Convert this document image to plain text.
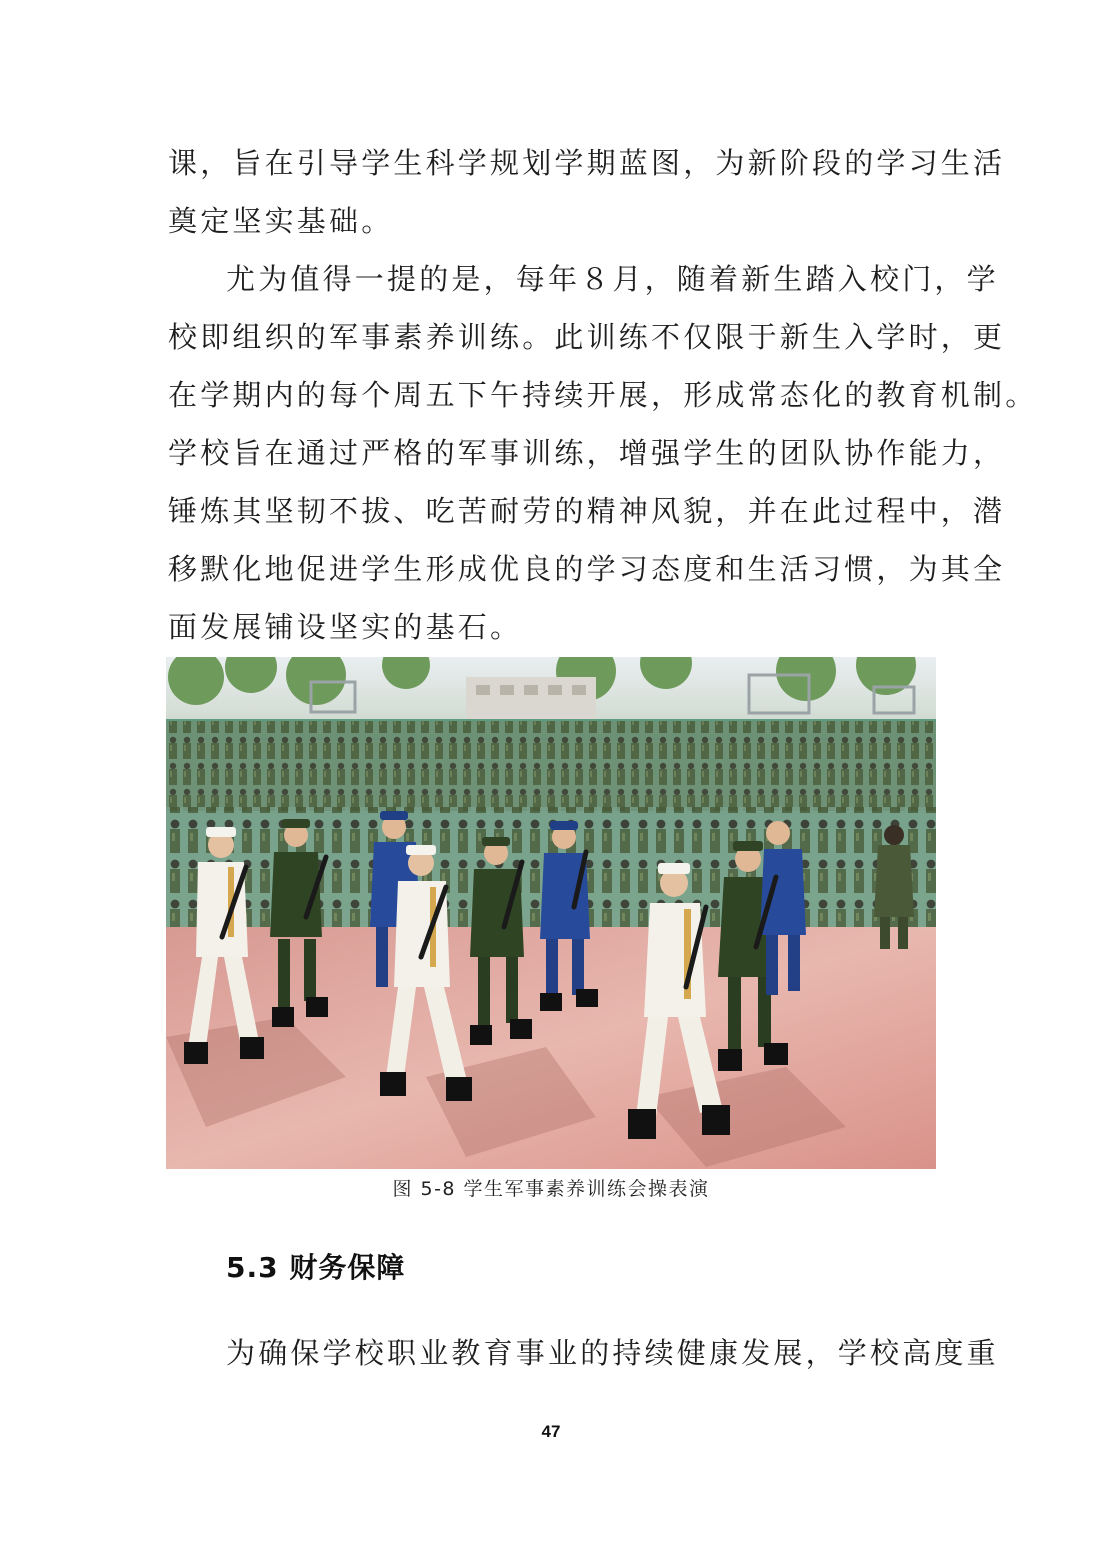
课，旨在引导学生科学规划学期蓝图，为新阶段的学习生活
奠定坚实基础。
尤为值得一提的是，每年８月，随着新生踏入校门，学
校即组织的军事素养训练。此训练不仅限于新生入学时，更
在学期内的每个周五下午持续开展，形成常态化的教育机制。
学校旨在通过严格的军事训练，增强学生的团队协作能力，
锤炼其坚韧不拔、吃苦耐劳的精神风貌，并在此过程中，潜
移默化地促进学生形成优良的学习态度和生活习惯，为其全
面发展铺设坚实的基石。
图 5-8 学生军事素养训练会操表演
5.3 财务保障
为确保学校职业教育事业的持续健康发展，学校高度重
47
